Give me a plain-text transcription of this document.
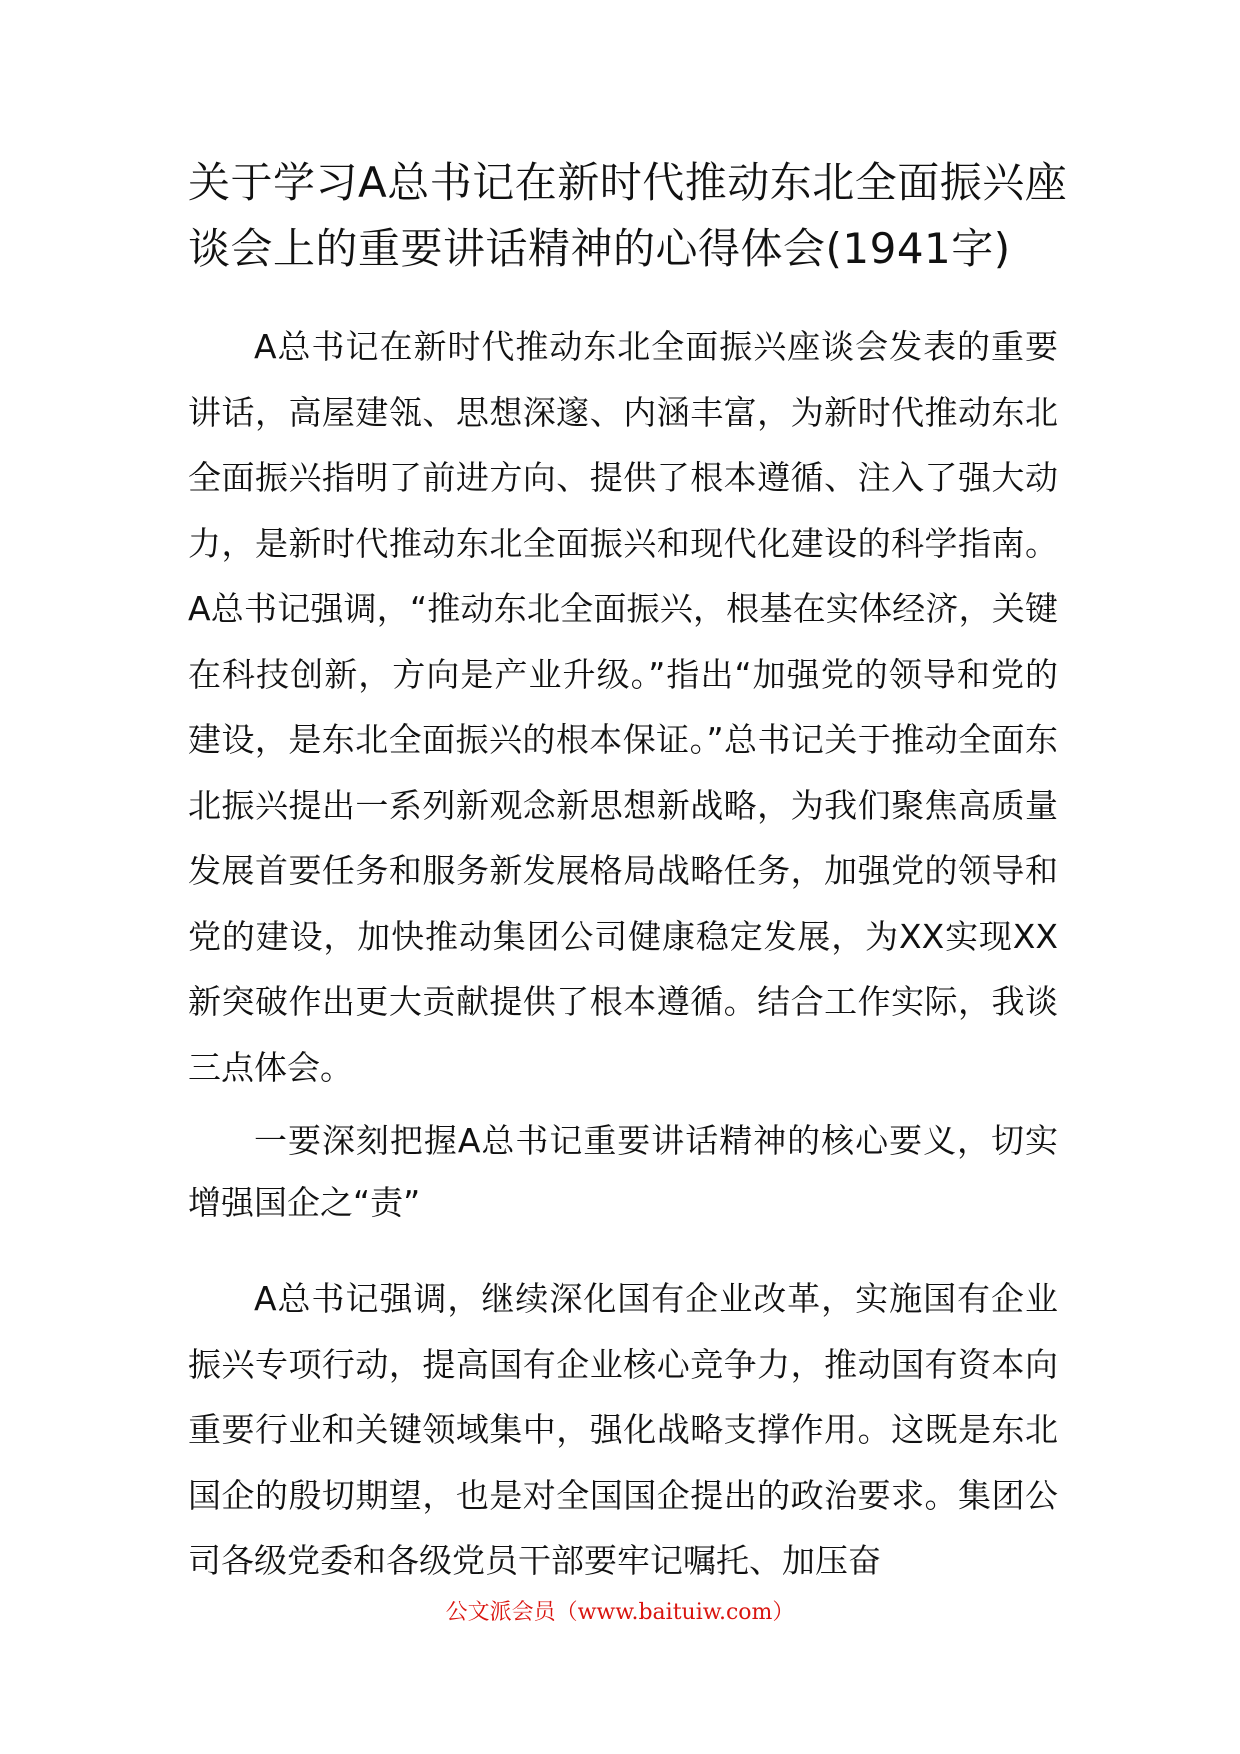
关于学习A总书记在新时代推动东北全面振兴座谈会上的重要讲话精神的心得体会(1941字)

A总书记在新时代推动东北全面振兴座谈会发表的重要讲话，高屋建瓴、思想深邃、内涵丰富，为新时代推动东北全面振兴指明了前进方向、提供了根本遵循、注入了强大动力，是新时代推动东北全面振兴和现代化建设的科学指南。A总书记强调，“推动东北全面振兴，根基在实体经济，关键在科技创新，方向是产业升级。”指出“加强党的领导和党的建设，是东北全面振兴的根本保证。”总书记关于推动全面东北振兴提出一系列新观念新思想新战略，为我们聚焦高质量发展首要任务和服务新发展格局战略任务，加强党的领导和党的建设，加快推动集团公司健康稳定发展，为XX实现XX新突破作出更大贡献提供了根本遵循。结合工作实际，我谈三点体会。

一要深刻把握A总书记重要讲话精神的核心要义，切实增强国企之“责”

A总书记强调，继续深化国有企业改革，实施国有企业振兴专项行动，提高国有企业核心竞争力，推动国有资本向重要行业和关键领域集中，强化战略支撑作用。这既是东北国企的殷切期望，也是对全国国企提出的政治要求。集团公司各级党委和各级党员干部要牢记嘱托、加压奋

公文派会员（www.baituiw.com）
